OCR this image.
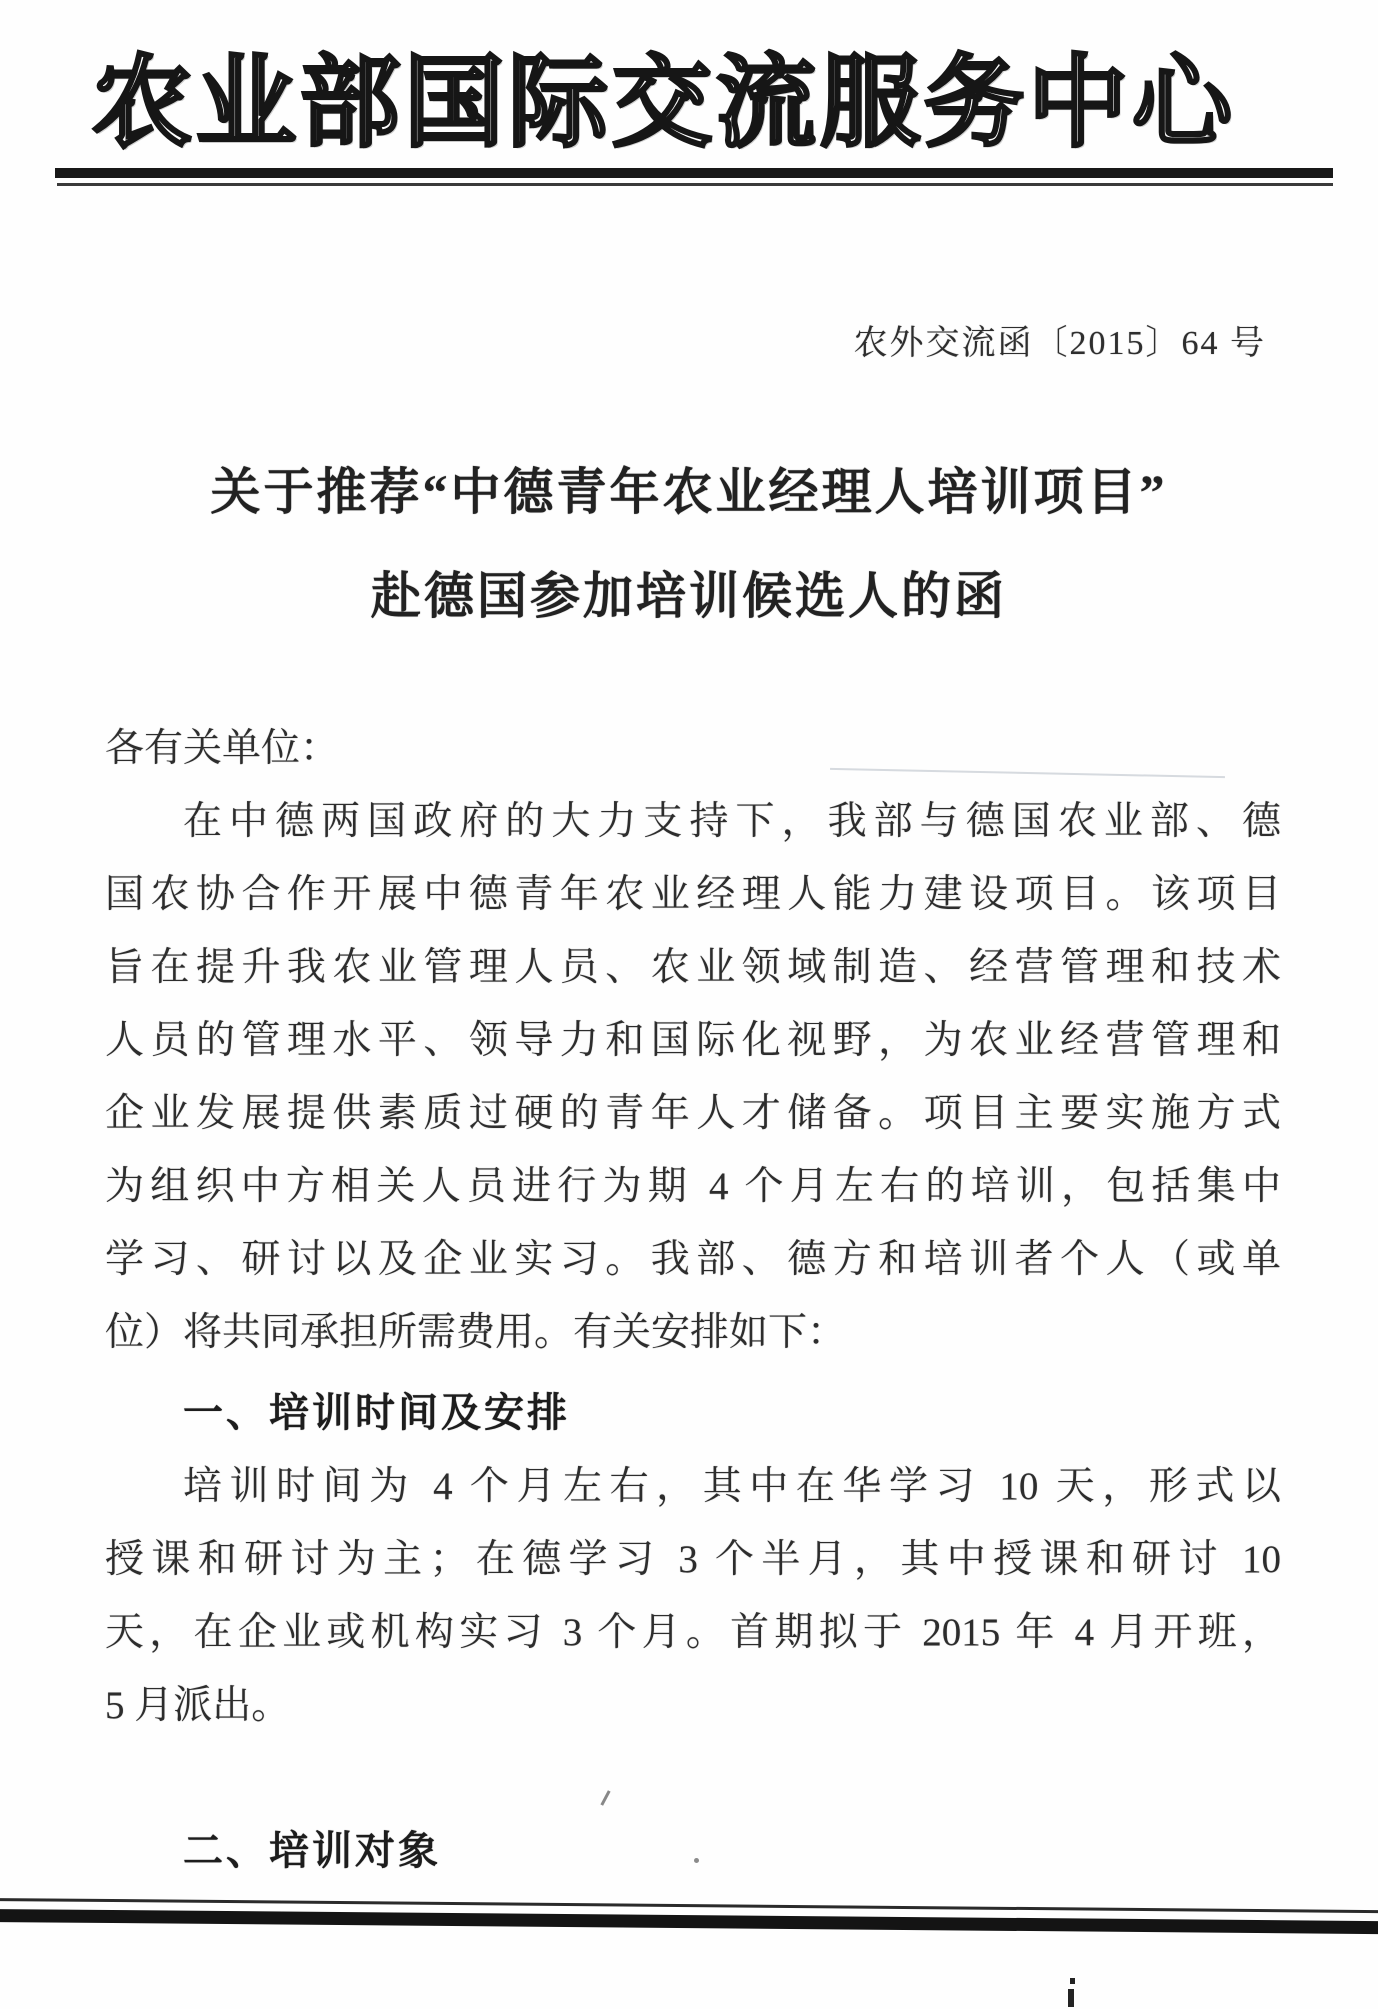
农业部国际交流服务中心
农外交流函〔2015〕64 号
关于推荐“中德青年农业经理人培训项目”
赴德国参加培训候选人的函
各有关单位：
在中德两国政府的大力支持下，我部与德国农业部、德
国农协合作开展中德青年农业经理人能力建设项目。该项目
旨在提升我农业管理人员、农业领域制造、经营管理和技术
人员的管理水平、领导力和国际化视野，为农业经营管理和
企业发展提供素质过硬的青年人才储备。项目主要实施方式
为组织中方相关人员进行为期 4 个月左右的培训，包括集中
学习、研讨以及企业实习。我部、德方和培训者个人（或单
位）将共同承担所需费用。有关安排如下：
一、培训时间及安排
培训时间为 4 个月左右，其中在华学习 10 天，形式以
授课和研讨为主；在德学习 3 个半月，其中授课和研讨 10
天，在企业或机构实习 3 个月。首期拟于 2015 年 4 月开班，
5 月派出。
二、培训对象
